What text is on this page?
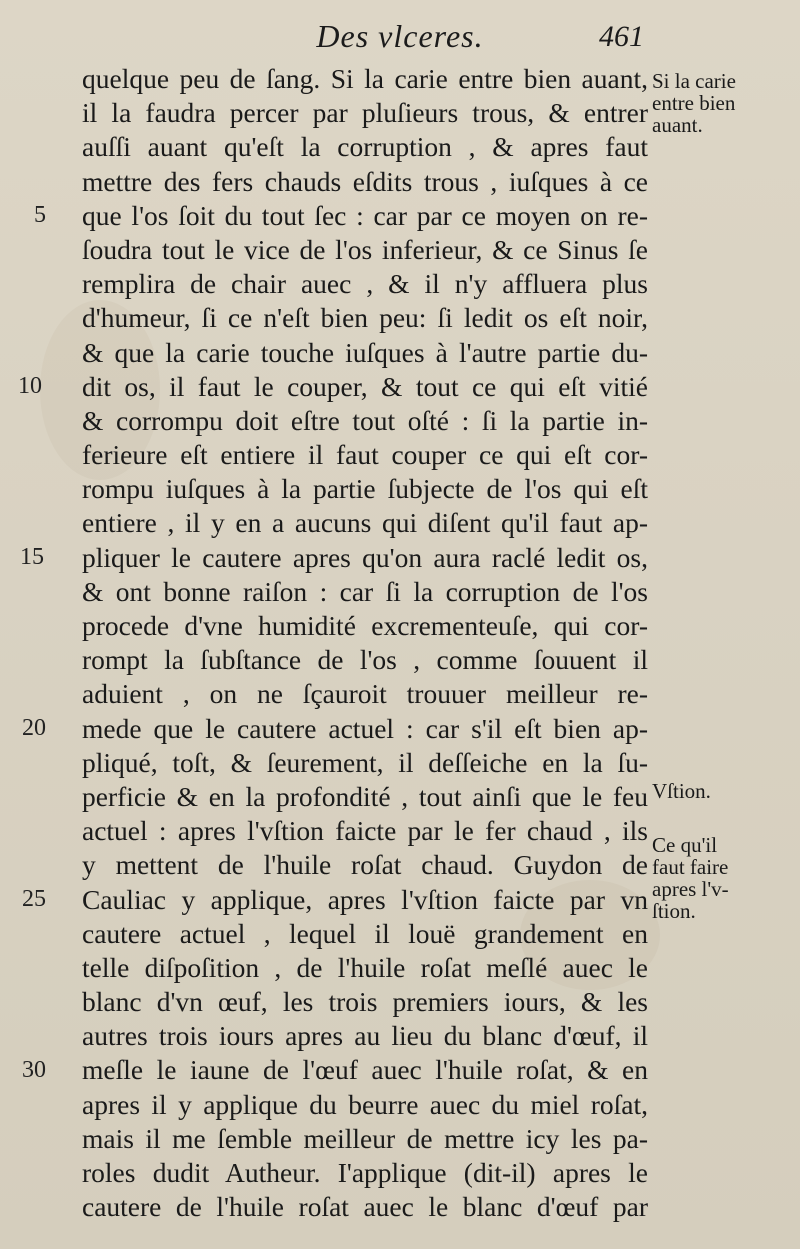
Des vlceres.	461
5
10
15
20
25
30
quelque peu de ſang. Si la carie entre bien auant,
il la faudra percer par pluſieurs trous, & entrer
auſſi auant qu'eſt la corruption , & apres faut
mettre des fers chauds eſdits trous , iuſques à ce
que l'os ſoit du tout ſec : car par ce moyen on re-
ſoudra tout le vice de l'os inferieur, & ce Sinus ſe
remplira de chair auec , & il n'y affluera plus
d'humeur, ſi ce n'eſt bien peu: ſi ledit os eſt noir,
& que la carie touche iuſques à l'autre partie du-
dit os, il faut le couper, & tout ce qui eſt vitié
& corrompu doit eſtre tout oſté : ſi la partie in-
ferieure eſt entiere il faut couper ce qui eſt cor-
rompu iuſques à la partie ſubjecte de l'os qui eſt
entiere , il y en a aucuns qui diſent qu'il faut ap-
pliquer le cautere apres qu'on aura raclé ledit os,
& ont bonne raiſon : car ſi la corruption de l'os
procede d'vne humidité excrementeuſe, qui cor-
rompt la ſubſtance de l'os , comme ſouuent il
aduient , on ne ſçauroit trouuer meilleur re-
mede que le cautere actuel : car s'il eſt bien ap-
pliqué, toſt, & ſeurement, il deſſeiche en la ſu-
perficie & en la profondité , tout ainſi que le feu
actuel : apres l'vſtion faicte par le fer chaud , ils
y mettent de l'huile roſat chaud. Guydon de
Cauliac y applique, apres l'vſtion faicte par vn
cautere actuel , lequel il louë grandement en
telle diſpoſition , de l'huile roſat meſlé auec le
blanc d'vn œuf, les trois premiers iours, & les
autres trois iours apres au lieu du blanc d'œuf, il
meſle le iaune de l'œuf auec l'huile roſat, & en
apres il y applique du beurre auec du miel roſat,
mais il me ſemble meilleur de mettre icy les pa-
roles dudit Autheur. I'applique (dit-il) apres le
cautere de l'huile roſat auec le blanc d'œuf par
Si la carie
entre bien
auant.
Vſtion.
Ce qu'il
faut faire
apres l'v-
ſtion.
